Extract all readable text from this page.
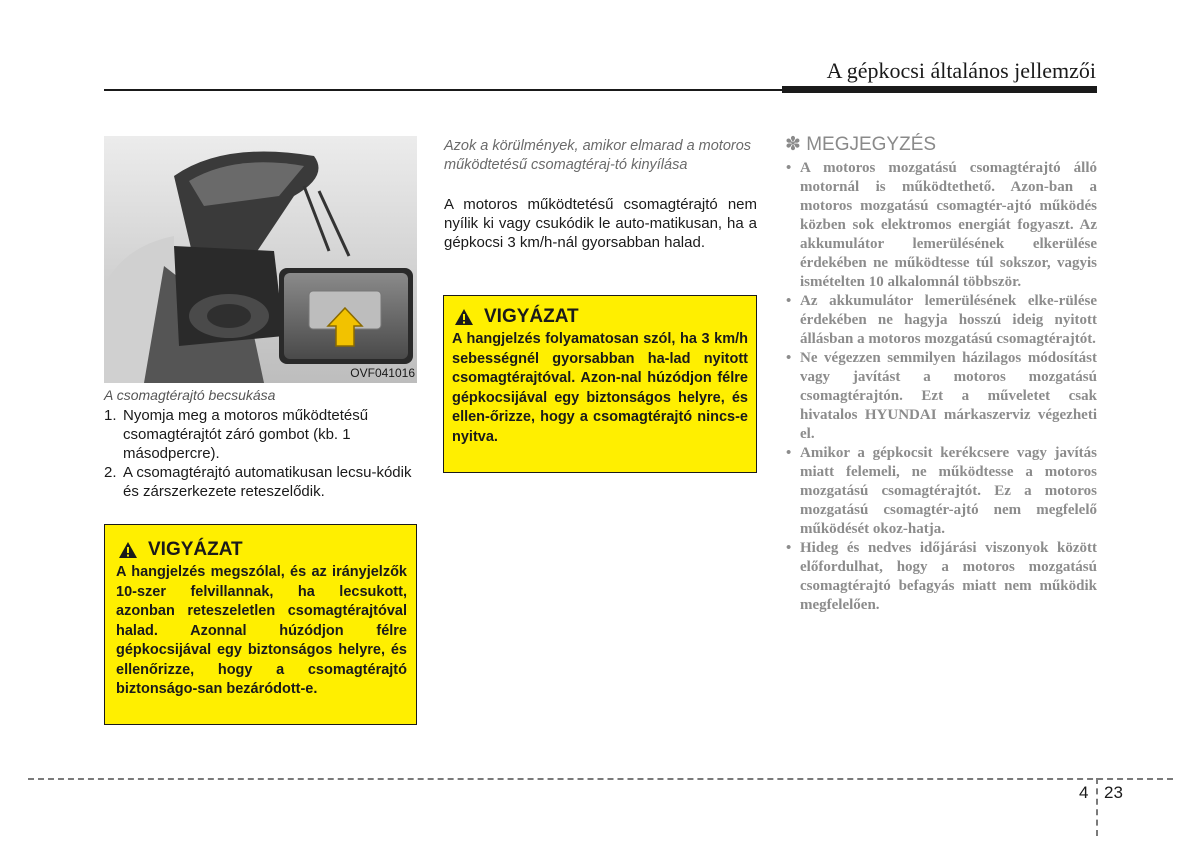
A gépkocsi általános jellemzői
OVF041016
A csomagtérajtó becsukása

1. Nyomja meg a motoros működtetésű csomagtérajtót záró gombot (kb. 1 másodpercre).

2. A csomagtérajtó automatikusan lecsu-kódik és zárszerkezete reteszelődik.

VIGYÁZAT
A hangjelzés megszólal, és az irányjelzők 10-szer felvillannak, ha lecsukott, azonban reteszeletlen csomagtérajtóval halad. Azonnal húzódjon félre gépkocsijával egy biztonságos helyre, és ellenőrizze, hogy a csomagtérajtó biztonságo-san bezáródott-e.
Azok a körülmények, amikor elmarad a motoros működtetésű csomagtéraj-tó kinyílása
A motoros működtetésű csomagtérajtó nem nyílik ki vagy csukódik le auto-matikusan, ha a gépkocsi 3 km/h-nál gyorsabban halad.
VIGYÁZAT
A hangjelzés folyamatosan szól, ha 3 km/h sebességnél gyorsabban ha-lad nyitott csomagtérajtóval. Azon-nal húzódjon félre gépkocsijával egy biztonságos helyre, és ellen-őrizze, hogy a csomagtérajtó nincs-e nyitva.
✽ MEGJEGYZÉS
• A motoros mozgatású csomagtérajtó álló motornál is működtethető. Azon-ban a motoros mozgatású csomagtér-ajtó működés közben sok elektromos energiát fogyaszt. Az akkumulátor lemerülésének elkerülése érdekében ne működtesse túl sokszor, vagyis ismételten 10 alkalomnál többször.
• Az akkumulátor lemerülésének elke-rülése érdekében ne hagyja hosszú ideig nyitott állásban a motoros mozgatású csomagtérajtót.
• Ne végezzen semmilyen házilagos módosítást vagy javítást a motoros mozgatású csomagtérajtón. Ezt a műveletet csak hivatalos HYUNDAI márkaszerviz végezheti el.
• Amikor a gépkocsit kerékcsere vagy javítás miatt felemeli, ne működtesse a motoros mozgatású csomagtérajtót. Ez a motoros mozgatású csomagtér-ajtó nem megfelelő működését okoz-hatja.
• Hideg és nedves időjárási viszonyok között előfordulhat, hogy a motoros mozgatású csomagtérajtó befagyás miatt nem működik megfelelően.
4 23
